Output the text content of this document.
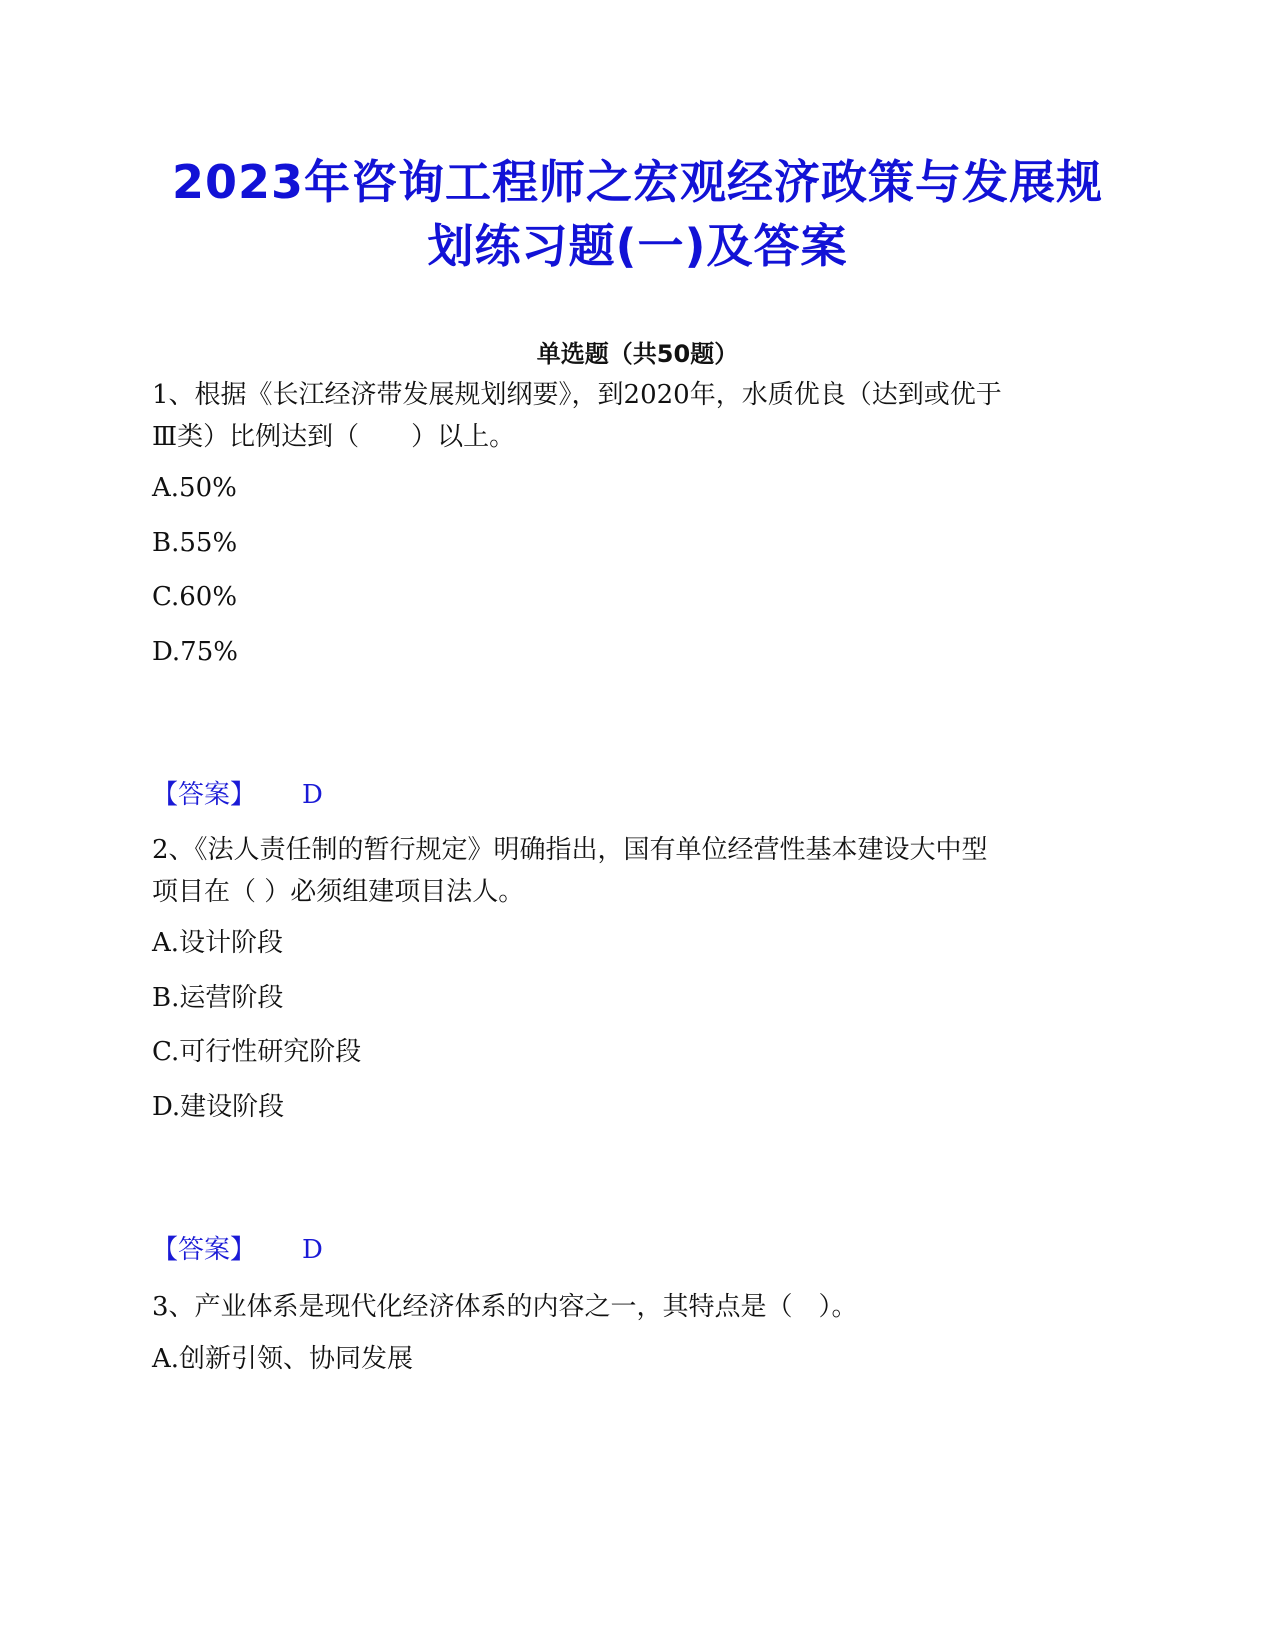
2023年咨询工程师之宏观经济政策与发展规
划练习题(一)及答案
单选题（共50题）
1、根据《长江经济带发展规划纲要》，到2020年，水质优良（达到或优于
Ⅲ类）比例达到（　　）以上。
A.50%
B.55%
C.60%
D.75%
【答案】 D
2、《法人责任制的暂行规定》明确指出，国有单位经营性基本建设大中型
项目在（ ）必须组建项目法人。
A.设计阶段
B.运营阶段
C.可行性研究阶段
D.建设阶段
【答案】 D
3、产业体系是现代化经济体系的内容之一，其特点是（　）。
A.创新引领、协同发展
